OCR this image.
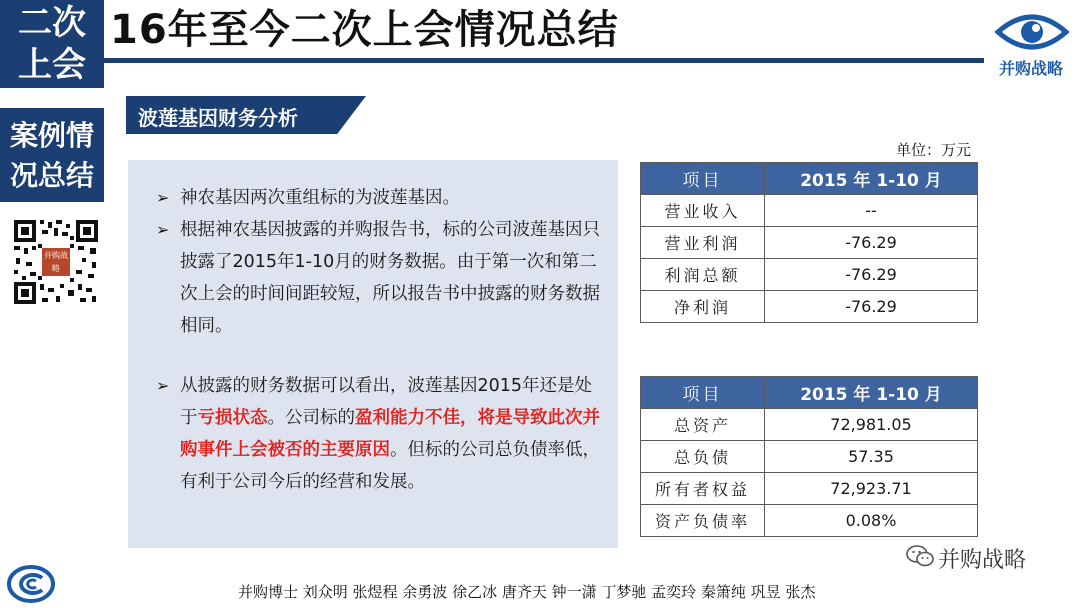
二次
上会
案例情
况总结
并购战略
16年至今二次上会情况总结
并购战略
波莲基因财务分析
➢ 神农基因两次重组标的为波莲基因。
➢ 根据神农基因披露的并购报告书，标的公司波莲基因只披露了2015年1-10月的财务数据。由于第一次和第二次上会的时间间距较短，所以报告书中披露的财务数据相同。
➢ 从披露的财务数据可以看出，波莲基因2015年还是处于亏损状态。公司标的盈利能力不佳，将是导致此次并购事件上会被否的主要原因。但标的公司总负债率低，有利于公司今后的经营和发展。
单位：万元
项目	2015 年 1-10 月
营业收入	--
营业利润	-76.29
利润总额	-76.29
净利润	-76.29
项目	2015 年 1-10 月
总资产	72,981.05
总负债	57.35
所有者权益	72,923.71
资产负债率	0.08%
并购战略
并购博士 刘众明 张煜程 余勇波 徐乙冰 唐齐天 钟一潇 丁梦驰 孟奕玲 秦箫纯 巩昱 张杰
